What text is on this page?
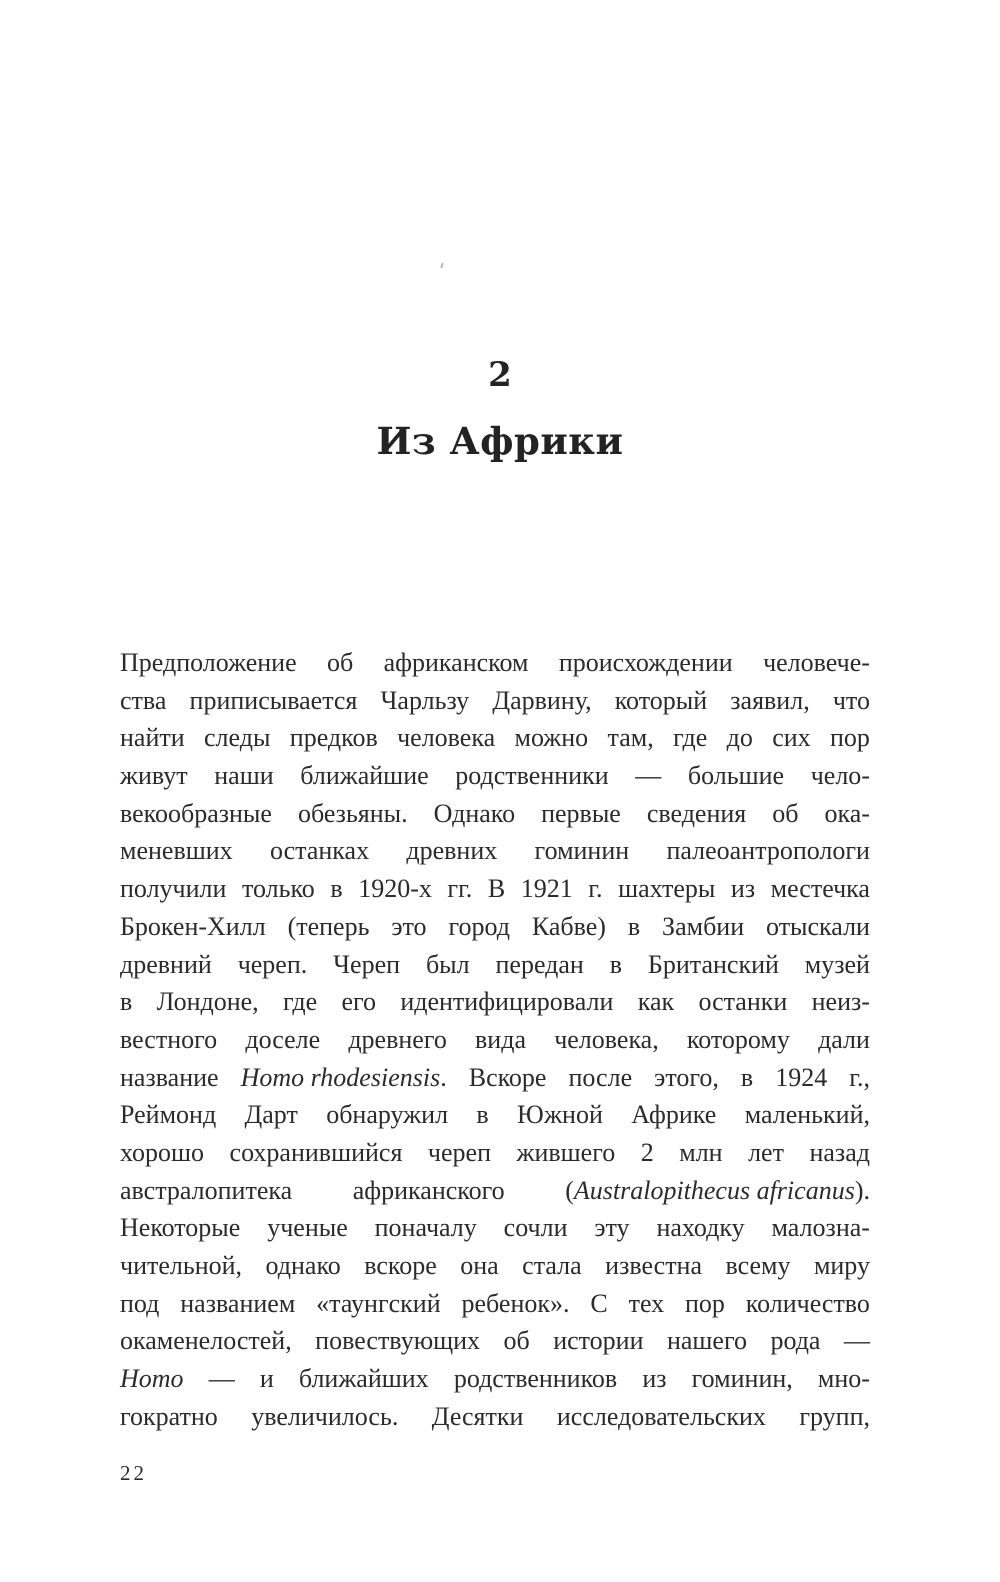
2
Из Африки
Предположение об африканском происхождении человече-
ства приписывается Чарльзу Дарвину, который заявил, что
найти следы предков человека можно там, где до сих пор
живут наши ближайшие родственники — большие чело-
векообразные обезьяны. Однако первые сведения об ока-
меневших останках древних гоминин палеоантропологи
получили только в 1920-х гг. В 1921 г. шахтеры из местечка
Брокен-Хилл (теперь это город Кабве) в Замбии отыскали
древний череп. Череп был передан в Британский музей
в Лондоне, где его идентифицировали как останки неиз-
вестного доселе древнего вида человека, которому дали
название Homo rhodesiensis. Вскоре после этого, в 1924 г.,
Реймонд Дарт обнаружил в Южной Африке маленький,
хорошо сохранившийся череп жившего 2 млн лет назад
австралопитека африканского (Australopithecus africanus).
Некоторые ученые поначалу сочли эту находку малозна-
чительной, однако вскоре она стала известна всему миру
под названием «таунгский ребенок». С тех пор количество
окаменелостей, повествующих об истории нашего рода —
Homo — и ближайших родственников из гоминин, мно-
гократно увеличилось. Десятки исследовательских групп,
22
